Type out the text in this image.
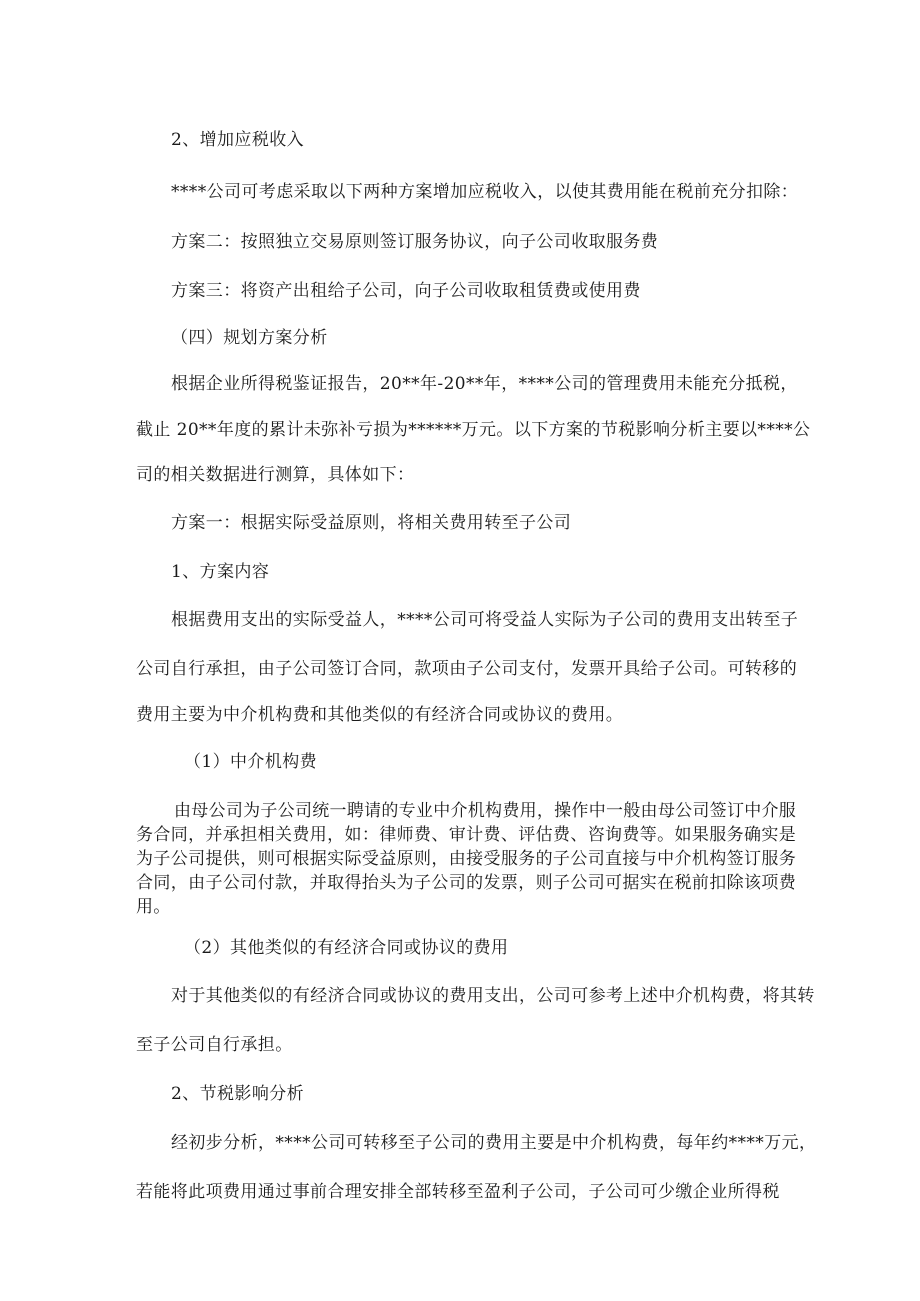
2、增加应税收入
****公司可考虑采取以下两种方案增加应税收入，以使其费用能在税前充分扣除：
方案二：按照独立交易原则签订服务协议，向子公司收取服务费
方案三：将资产出租给子公司，向子公司收取租赁费或使用费
（四）规划方案分析
根据企业所得税鉴证报告，20**年-20**年，****公司的管理费用未能充分抵税，
截止 20**年度的累计未弥补亏损为******万元。以下方案的节税影响分析主要以****公
司的相关数据进行测算，具体如下：
方案一：根据实际受益原则，将相关费用转至子公司
1、方案内容
根据费用支出的实际受益人，****公司可将受益人实际为子公司的费用支出转至子
公司自行承担，由子公司签订合同，款项由子公司支付，发票开具给子公司。可转移的
费用主要为中介机构费和其他类似的有经济合同或协议的费用。
（1）中介机构费
由母公司为子公司统一聘请的专业中介机构费用，操作中一般由母公司签订中介服务合同，并承担相关费用，如：律师费、审计费、评估费、咨询费等。如果服务确实是为子公司提供，则可根据实际受益原则，由接受服务的子公司直接与中介机构签订服务合同，由子公司付款，并取得抬头为子公司的发票，则子公司可据实在税前扣除该项费用。
（2）其他类似的有经济合同或协议的费用
对于其他类似的有经济合同或协议的费用支出，公司可参考上述中介机构费，将其转
至子公司自行承担。
2、节税影响分析
经初步分析，****公司可转移至子公司的费用主要是中介机构费，每年约****万元，
若能将此项费用通过事前合理安排全部转移至盈利子公司，子公司可少缴企业所得税
